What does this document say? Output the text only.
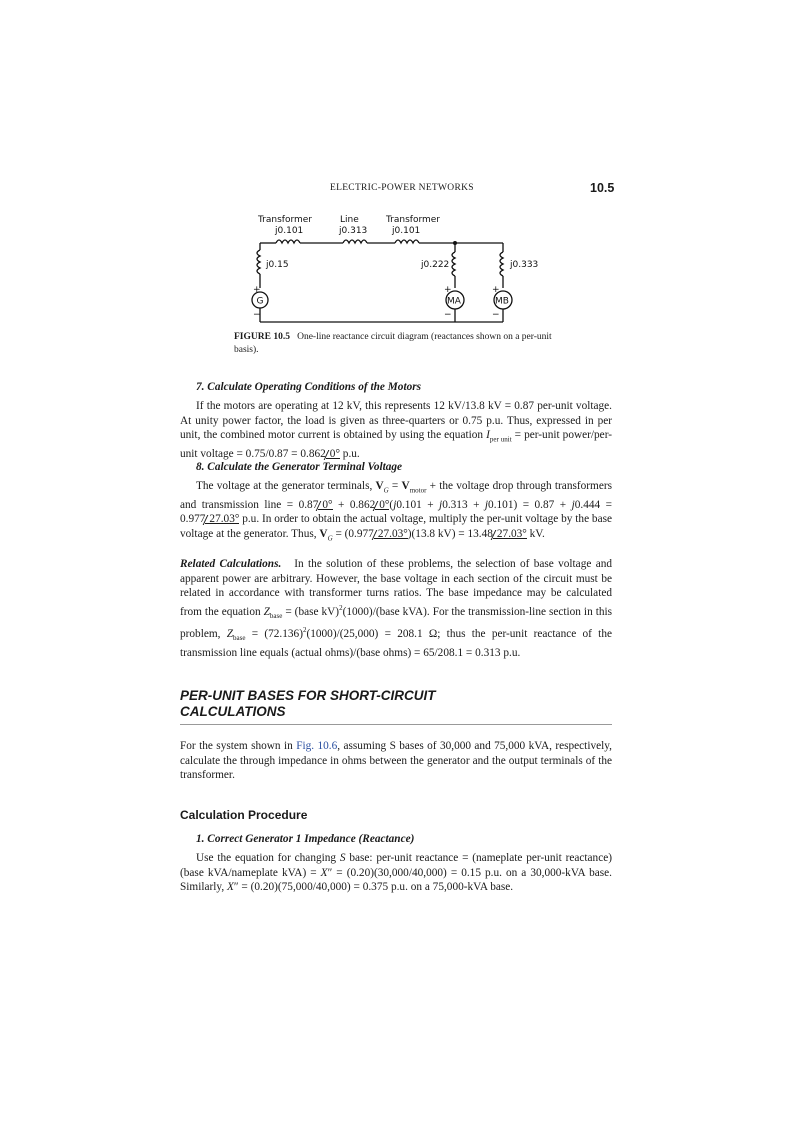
ELECTRIC-POWER NETWORKS	10.5
Transformer
j0.101
Line
j0.313
Transformer
j0.101
j0.15	j0.222	j0.333
G	MA	MB
+
−
+
−
+
−
FIGURE 10.5 One-line reactance circuit diagram (reactances shown on a per-unit basis).
7. Calculate Operating Conditions of the Motors
If the motors are operating at 12 kV, this represents 12 kV/13.8 kV = 0.87 per-unit voltage. At unity power factor, the load is given as three-quarters or 0.75 p.u. Thus, expressed in per unit, the combined motor current is obtained by using the equation $I_{per unit}$ = per-unit power/per-unit voltage = 0.75/0.87 = 0.862 0° p.u.
8. Calculate the Generator Terminal Voltage
The voltage at the generator terminals, $V_G = V_{motor}$ + the voltage drop through transformers and transmission line = 0.87 0° + 0.862 0°(j0.101 + j0.313 + j0.101) = 0.87 + j0.444 = 0.977 27.03° p.u. In order to obtain the actual voltage, multiply the per-unit voltage by the base voltage at the generator. Thus, $V_G = (0.977$ 27.03°)(13.8 kV) = 13.48 27.03° kV.
Related Calculations. In the solution of these problems, the selection of base voltage and apparent power are arbitrary. However, the base voltage in each section of the circuit must be related in accordance with transformer turns ratios. The base impedance may be calculated from the equation $Z_{base}$ = (base kV)$^2$(1000)/(base kVA). For the transmission-line section in this problem, $Z_{base} = (72.136)^2(1000)/(25,000) = 208.1$ Ω; thus the per-unit reactance of the transmission line equals (actual ohms)/(base ohms) = 65/208.1 = 0.313 p.u.
PER-UNIT BASES FOR SHORT-CIRCUIT
CALCULATIONS
For the system shown in Fig. 10.6, assuming S bases of 30,000 and 75,000 kVA, respectively, calculate the through impedance in ohms between the generator and the output terminals of the transformer.
Calculation Procedure
1. Correct Generator 1 Impedance (Reactance)
Use the equation for changing S base: per-unit reactance = (nameplate per-unit reactance)(base kVA/nameplate kVA) = X″ = (0.20)(30,000/40,000) = 0.15 p.u. on a 30,000-kVA base. Similarly, X″ = (0.20)(75,000/40,000) = 0.375 p.u. on a 75,000-kVA base.
